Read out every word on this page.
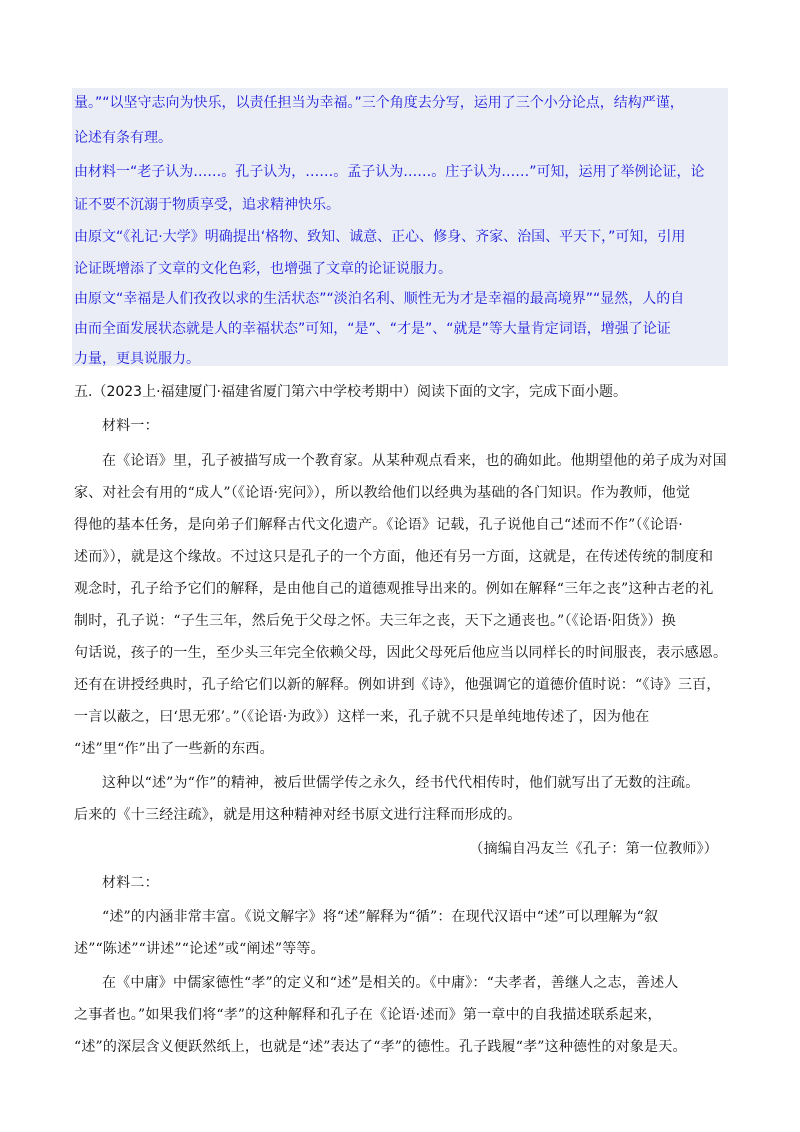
量。”“以坚守志向为快乐，以责任担当为幸福。”三个角度去分写，运用了三个小分论点，结构严谨，
论述有条有理。
由材料一“老子认为……。孔子认为，……。孟子认为……。庄子认为……”可知，运用了举例论证，论
证不要不沉溺于物质享受，追求精神快乐。
由原文“《礼记·大学》明确提出‘格物、致知、诚意、正心、修身、齐家、治国、平天下，”可知，引用
论证既增添了文章的文化色彩，也增强了文章的论证说服力。
由原文“幸福是人们孜孜以求的生活状态”“淡泊名利、顺性无为才是幸福的最高境界”“显然，人的自
由而全面发展状态就是人的幸福状态”可知，“是”、“才是”、“就是”等大量肯定词语，增强了论证
力量，更具说服力。
五.（2023上·福建厦门·福建省厦门第六中学校考期中）阅读下面的文字，完成下面小题。
材料一：
在《论语》里，孔子被描写成一个教育家。从某种观点看来，也的确如此。他期望他的弟子成为对国
家、对社会有用的“成人”（《论语·宪问》），所以教给他们以经典为基础的各门知识。作为教师，他觉
得他的基本任务，是向弟子们解释古代文化遗产。《论语》记载，孔子说他自己“述而不作”（《论语·
述而》），就是这个缘故。不过这只是孔子的一个方面，他还有另一方面，这就是，在传述传统的制度和
观念时，孔子给予它们的解释，是由他自己的道德观推导出来的。例如在解释“三年之丧”这种古老的礼
制时，孔子说：“子生三年，然后免于父母之怀。夫三年之丧，天下之通丧也。”（《论语·阳货》）换
句话说，孩子的一生，至少头三年完全依赖父母，因此父母死后他应当以同样长的时间服丧，表示感恩。
还有在讲授经典时，孔子给它们以新的解释。例如讲到《诗》，他强调它的道德价值时说：“《诗》三百，
一言以蔽之，曰‘思无邪’。”（《论语·为政》）这样一来，孔子就不只是单纯地传述了，因为他在
“述”里“作”出了一些新的东西。
这种以“述”为“作”的精神，被后世儒学传之永久，经书代代相传时，他们就写出了无数的注疏。
后来的《十三经注疏》，就是用这种精神对经书原文进行注释而形成的。
（摘编自冯友兰《孔子：第一位教师》）
材料二：
“述”的内涵非常丰富。《说文解字》将“述”解释为“循”：在现代汉语中“述”可以理解为“叙
述”“陈述”“讲述”“论述”或“阐述”等等。
在《中庸》中儒家德性“孝”的定义和“述”是相关的。《中庸》：“夫孝者，善继人之志，善述人
之事者也。”如果我们将“孝”的这种解释和孔子在《论语·述而》第一章中的自我描述联系起来，
“述”的深层含义便跃然纸上，也就是“述”表达了“孝”的德性。孔子践履“孝”这种德性的对象是天。
